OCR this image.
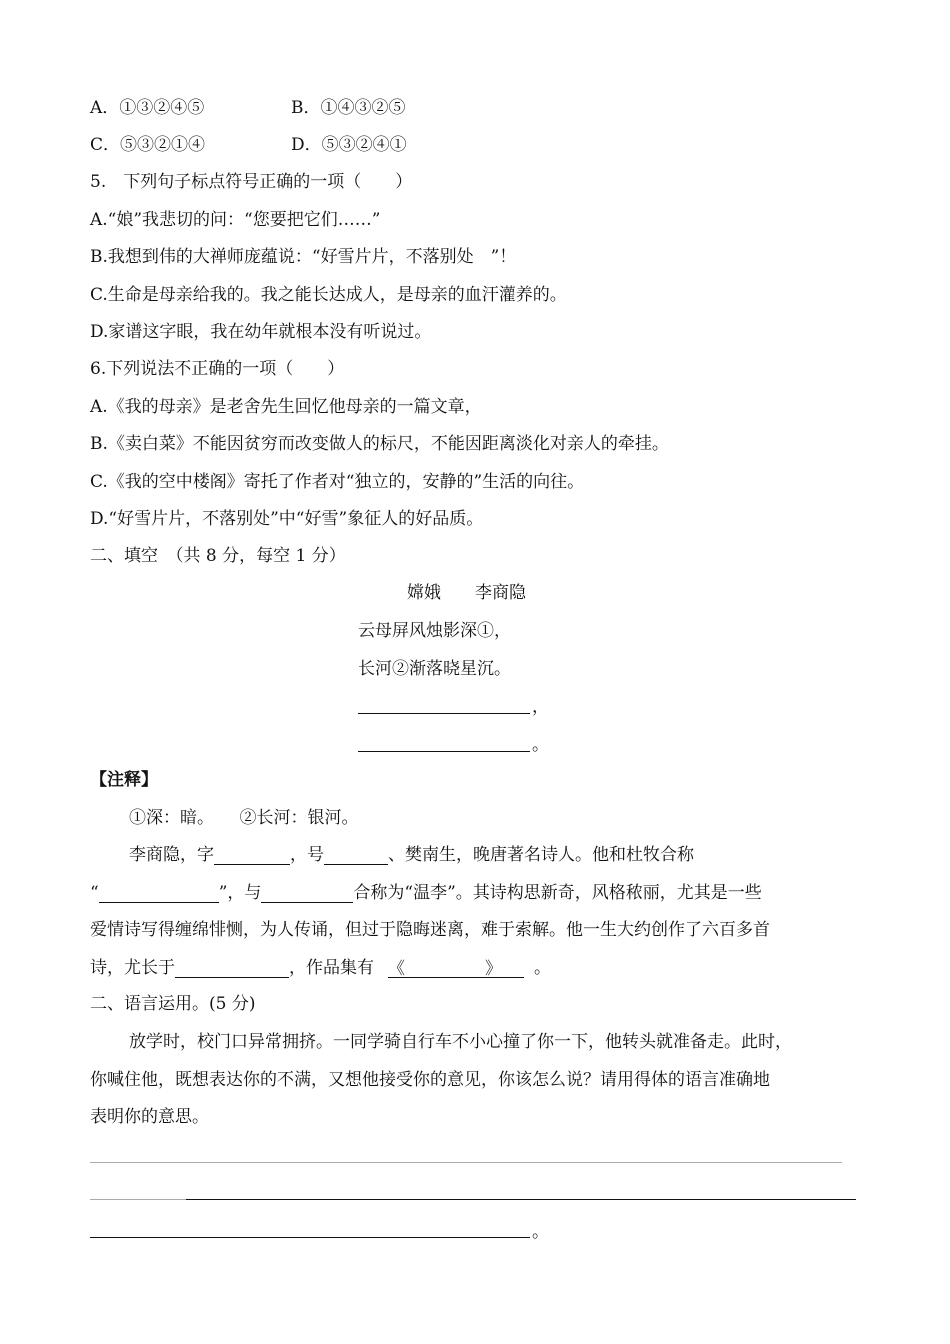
A．①③②④⑤	B．①④③②⑤
C．⑤③②①④	D．⑤③②④①
5.　下列句子标点符号正确的一项（　　）
A.“娘”我悲切的问：“您要把它们……”
B.我想到伟的大禅师庞蕴说：“好雪片片，不落别处　”！
C.生命是母亲给我的。我之能长达成人，是母亲的血汗灌养的。
D.家谱这字眼，我在幼年就根本没有听说过。
6.下列说法不正确的一项（　　）
A.《我的母亲》是老舍先生回忆他母亲的一篇文章，
B.《卖白菜》不能因贫穷而改变做人的标尺，不能因距离淡化对亲人的牵挂。
C.《我的空中楼阁》寄托了作者对“独立的，安静的”生活的向往。
D.“好雪片片，不落别处”中“好雪”象征人的好品质。
二、填空　（共 8 分，每空 1 分）
嫦娥　　李商隐
云母屏风烛影深①，
长河②渐落晓星沉。
，
。
【注释】
①深：暗。　　②长河：银河。
李商隐，字	，号	、樊南生，晚唐著名诗人。他和杜牧合称
“	”，与	合称为“温李”。其诗构思新奇，风格秾丽，尤其是一些
爱情诗写得缠绵悱恻，为人传诵，但过于隐晦迷离，难于索解。他一生大约创作了六百多首
诗，尤长于	，作品集有 《	》 。
二、语言运用。(5 分)
放学时，校门口异常拥挤。一同学骑自行车不小心撞了你一下，他转头就准备走。此时，
你喊住他，既想表达你的不满，又想他接受你的意见，你该怎么说？请用得体的语言准确地
表明你的意思。
。
